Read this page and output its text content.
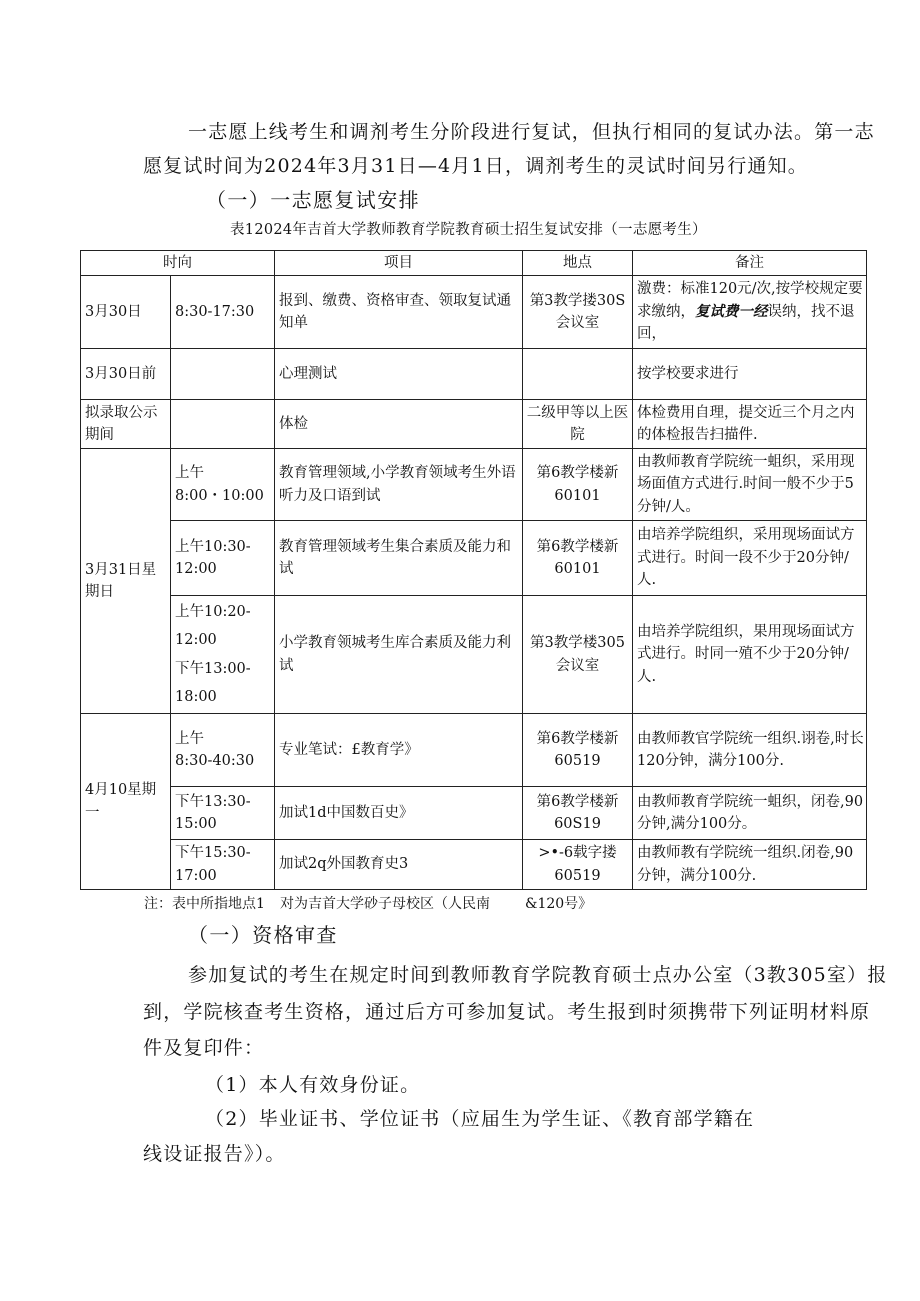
一志愿上线考生和调剂考生分阶段进行复试，但执行相同的复试办法。第一志
愿复试时间为2024年3月31日—4月1日，调剂考生的灵试时间另行通知。
（一）一志愿复试安排
表12024年吉首大学教师教育学院教育硕士招生复试安排（一志愿考生）
时向		项目	地点	备注
3月30日	8:30-17:30	报到、缴费、资格审查、领取复试通知单	第3教学搂30S会议室	激费：标准120元/次,按学校规定要求缴纳，复试费一经误纳，找不退回，
3月30日前		心理测试		按学校要求进行
拟录取公示期间		体检	二级甲等以上医院	体检费用自理，提交近三个月之内的体检报告扫描件.
3月31日星期日	上午
8:00・10:00	教育管理领域,小学教育领域考生外语听力及口语到试	第6教学楼新60101	由教师教育学院统一蛆织，采用现场面值方式进行.时间一般不少于5分钟/人。

	上午10:30-
12:00	教育管理领域考生集合素质及能力和试	第6教学楼新60101	由培养学院组织，采用现场面试方式进行。时间一段不少于20分钟/人.

	上午10:20-
12:00
下午13:00-
18:00	小学教育领城考生库合素质及能力利试	第3教学楼305会议室	由培养学院组织，果用现场面试方式进行。时同一殖不少于20分钟/人.
4月10星期一	上午
8:30-40:30	专业笔试：£教育学》	第6教学楼新60519	由教师教官学院统一组织.诩卷,时长120分钟，满分100分.

	下午13:30-
15:00	加试1d中国数百史》	第6教学楼新60S19	由教师教育学院统一蛆织，闭卷,90分钟,满分100分。

	下午15:30-
17:00	加试2q外国教育史3	>•-6载字搂60519	由教师教有学院统一组织.闭卷,90分钟，满分100分.
注：表中所指地点1 对为吉首大学砂子母校区（人民南	&120号》
（一）资格审查
参加复试的考生在规定时间到教师教育学院教育硕士点办公室（3教305室）报
到，学院核查考生资格，通过后方可参加复试。考生报到时须携带下列证明材料原
件及复印件：
（1）本人有效身份证。
（2）毕业证书、学位证书（应届生为学生证、《教育部学籍在
线设证报告》）。
